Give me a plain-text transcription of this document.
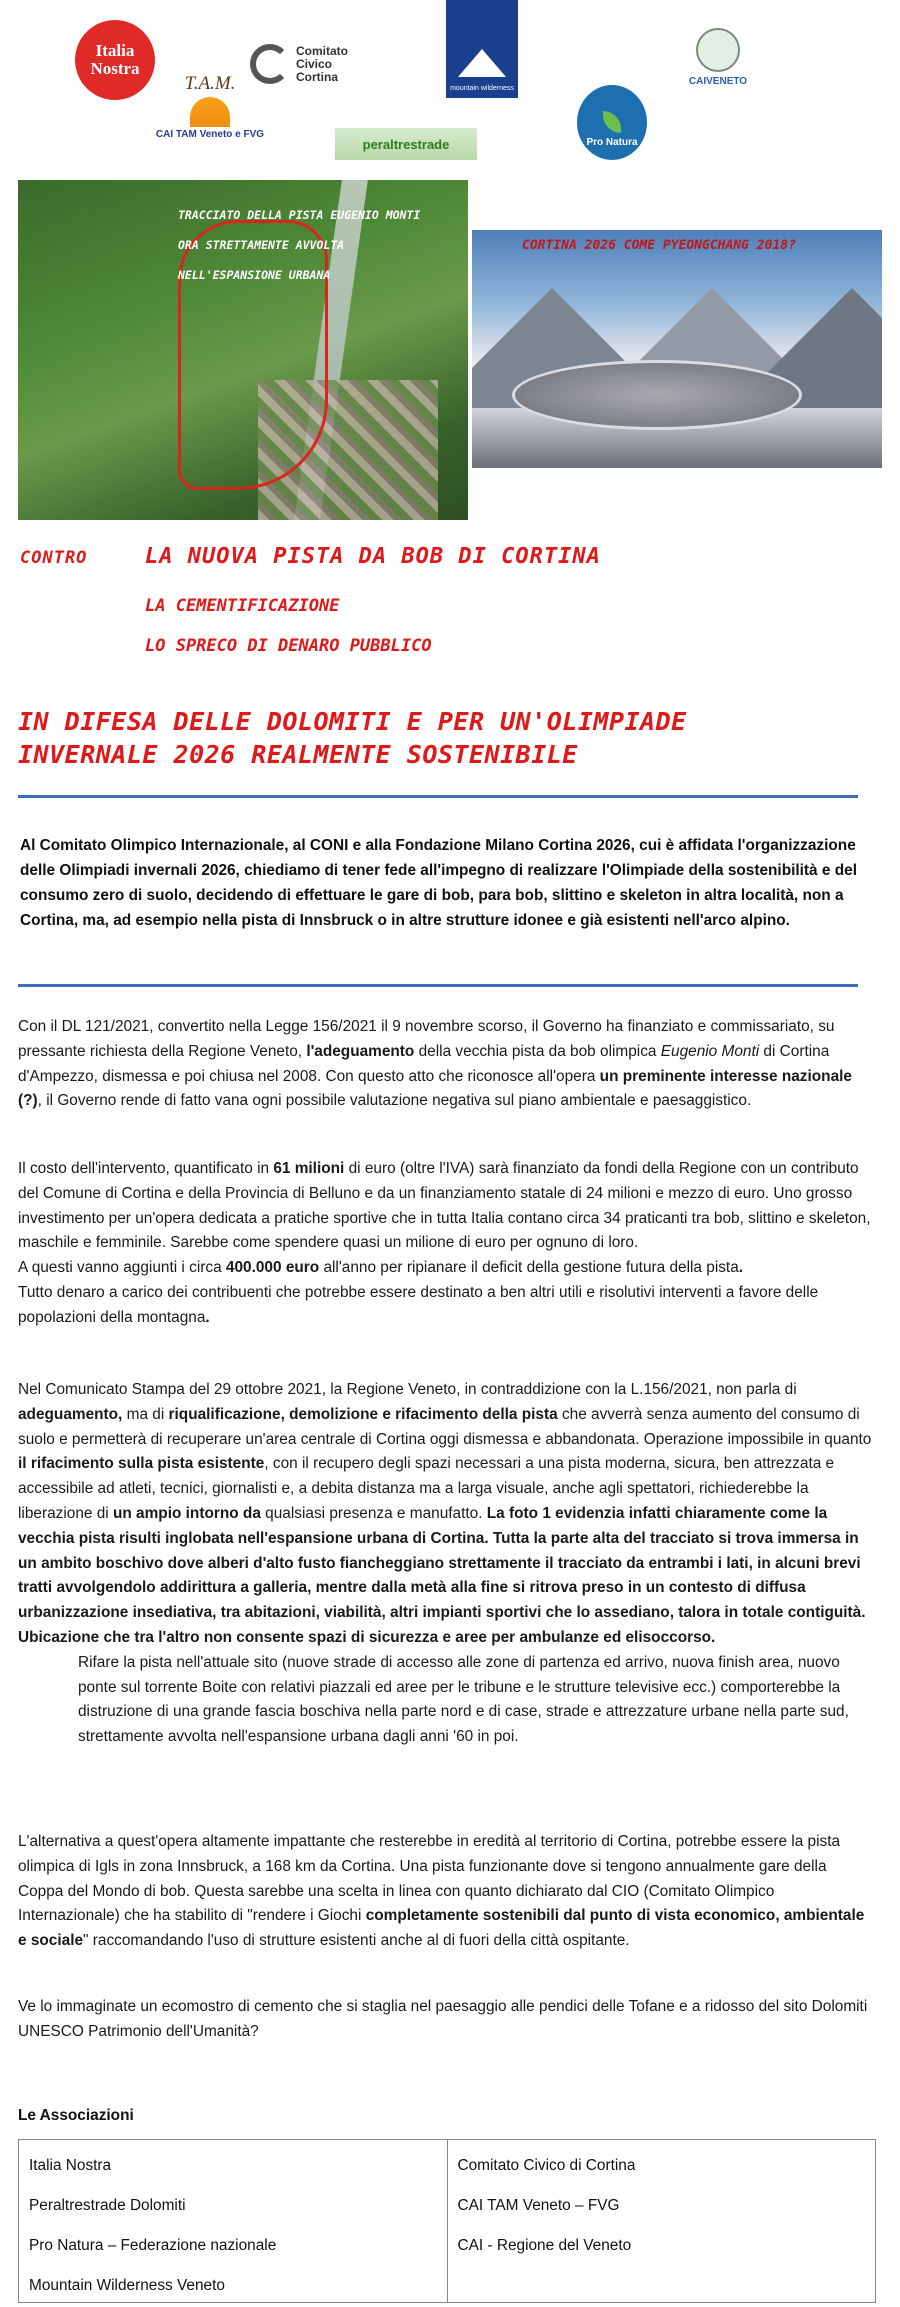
Italia
Nostra
Comitato
Civico
Cortina
mountain wilderness
CAIVENETO
T.A.M.
CAI TAM Veneto e FVG
peraltrestrade	Pro Natura
TRACCIATO DELLA PISTA EUGENIO MONTI
ORA STRETTAMENTE AVVOLTA
NELL'ESPANSIONE URBANA
CORTINA 2026 COME PYEONGCHANG 2018?
CONTRO	LA NUOVA PISTA DA BOB DI CORTINA
LA CEMENTIFICAZIONE
LO SPRECO DI DENARO PUBBLICO
IN DIFESA DELLE DOLOMITI E PER UN'OLIMPIADE
INVERNALE 2026 REALMENTE SOSTENIBILE
Al Comitato Olimpico Internazionale, al CONI e alla Fondazione Milano Cortina 2026, cui è affidata l'organizzazione delle Olimpiadi invernali 2026, chiediamo di tener fede all'impegno di realizzare l'Olimpiade della sostenibilità e del consumo zero di suolo, decidendo di effettuare le gare di bob, para bob, slittino e skeleton in altra località, non a Cortina, ma, ad esempio nella pista di Innsbruck o in altre strutture idonee e già esistenti nell'arco alpino.
Con il DL 121/2021, convertito nella Legge 156/2021 il 9 novembre scorso, il Governo ha finanziato e commissariato, su pressante richiesta della Regione Veneto, l'adeguamento della vecchia pista da bob olimpica Eugenio Monti di Cortina d'Ampezzo, dismessa e poi chiusa nel 2008. Con questo atto che riconosce all'opera un preminente interesse nazionale (?), il Governo rende di fatto vana ogni possibile valutazione negativa sul piano ambientale e paesaggistico.
Il costo dell'intervento, quantificato in 61 milioni di euro (oltre l'IVA) sarà finanziato da fondi della Regione con un contributo del Comune di Cortina e della Provincia di Belluno e da un finanziamento statale di 24 milioni e mezzo di euro. Uno grosso investimento per un'opera dedicata a pratiche sportive che in tutta Italia contano circa 34 praticanti tra bob, slittino e skeleton, maschile e femminile. Sarebbe come spendere quasi un milione di euro per ognuno di loro.
A questi vanno aggiunti i circa 400.000 euro all'anno per ripianare il deficit della gestione futura della pista.
Tutto denaro a carico dei contribuenti che potrebbe essere destinato a ben altri utili e risolutivi interventi a favore delle popolazioni della montagna.
Nel Comunicato Stampa del 29 ottobre 2021, la Regione Veneto, in contraddizione con la L.156/2021, non parla di adeguamento, ma di riqualificazione, demolizione e rifacimento della pista che avverrà senza aumento del consumo di suolo e permetterà di recuperare un'area centrale di Cortina oggi dismessa e abbandonata. Operazione impossibile in quanto il rifacimento sulla pista esistente, con il recupero degli spazi necessari a una pista moderna, sicura, ben attrezzata e accessibile ad atleti, tecnici, giornalisti e, a debita distanza ma a larga visuale, anche agli spettatori, richiederebbe la liberazione di un ampio intorno da qualsiasi presenza e manufatto. La foto 1 evidenzia infatti chiaramente come la vecchia pista risulti inglobata nell'espansione urbana di Cortina. Tutta la parte alta del tracciato si trova immersa in un ambito boschivo dove alberi d'alto fusto fiancheggiano strettamente il tracciato da entrambi i lati, in alcuni brevi tratti avvolgendolo addirittura a galleria, mentre dalla metà alla fine si ritrova preso in un contesto di diffusa urbanizzazione insediativa, tra abitazioni, viabilità, altri impianti sportivi che lo assediano, talora in totale contiguità. Ubicazione che tra l'altro non consente spazi di sicurezza e aree per ambulanze ed elisoccorso.
Rifare la pista nell'attuale sito (nuove strade di accesso alle zone di partenza ed arrivo, nuova finish area, nuovo ponte sul torrente Boite con relativi piazzali ed aree per le tribune e le strutture televisive ecc.) comporterebbe la distruzione di una grande fascia boschiva nella parte nord e di case, strade e attrezzature urbane nella parte sud, strettamente avvolta nell'espansione urbana dagli anni '60 in poi.
L'alternativa a quest'opera altamente impattante che resterebbe in eredità al territorio di Cortina, potrebbe essere la pista olimpica di Igls in zona Innsbruck, a 168 km da Cortina. Una pista funzionante dove si tengono annualmente gare della Coppa del Mondo di bob. Questa sarebbe una scelta in linea con quanto dichiarato dal CIO (Comitato Olimpico Internazionale) che ha stabilito di "rendere i Giochi completamente sostenibili dal punto di vista economico, ambientale e sociale" raccomandando l'uso di strutture esistenti anche al di fuori della città ospitante.
Ve lo immaginate un ecomostro di cemento che si staglia nel paesaggio alle pendici delle Tofane e a ridosso del sito Dolomiti UNESCO Patrimonio dell'Umanità?
Le Associazioni
Italia Nostra
Peraltrestrade Dolomiti
Pro Natura – Federazione nazionale
Mountain Wilderness Veneto
Comitato Civico di Cortina
CAI TAM Veneto – FVG
CAI - Regione del Veneto
